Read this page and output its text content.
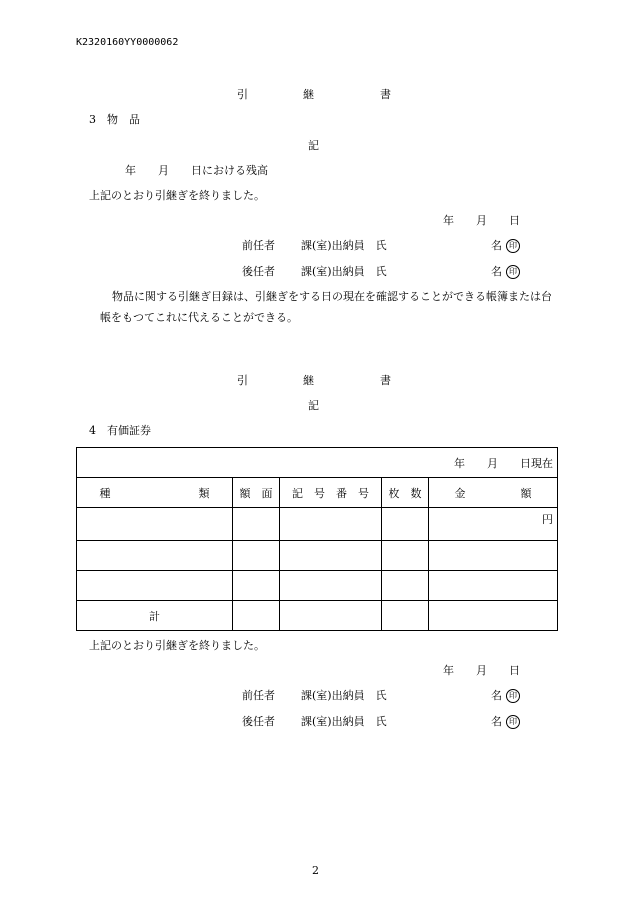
K2320160YY0000062
引　　　　　継　　　　　　書
3　物　品
記
年　　月　　日における残高
上記のとおり引継ぎを終りました。
年　　月　　日
前任者 課(室)出納員　氏	名 印
後任者 課(室)出納員　氏	名 印
物品に関する引継ぎ目録は、引継ぎをする日の現在を確認することができる帳簿または台帳をもつてこれに代えることができる。
引　　　　　継　　　　　　書
記
4　有価証券
年　　月　　日現在				
種　　　　　　　　類	額　面	記　号　番　号	枚　数	金　　　　　額
				円

計				
上記のとおり引継ぎを終りました。
年　　月　　日
前任者 課(室)出納員　氏	名 印
後任者 課(室)出納員　氏	名 印
2
